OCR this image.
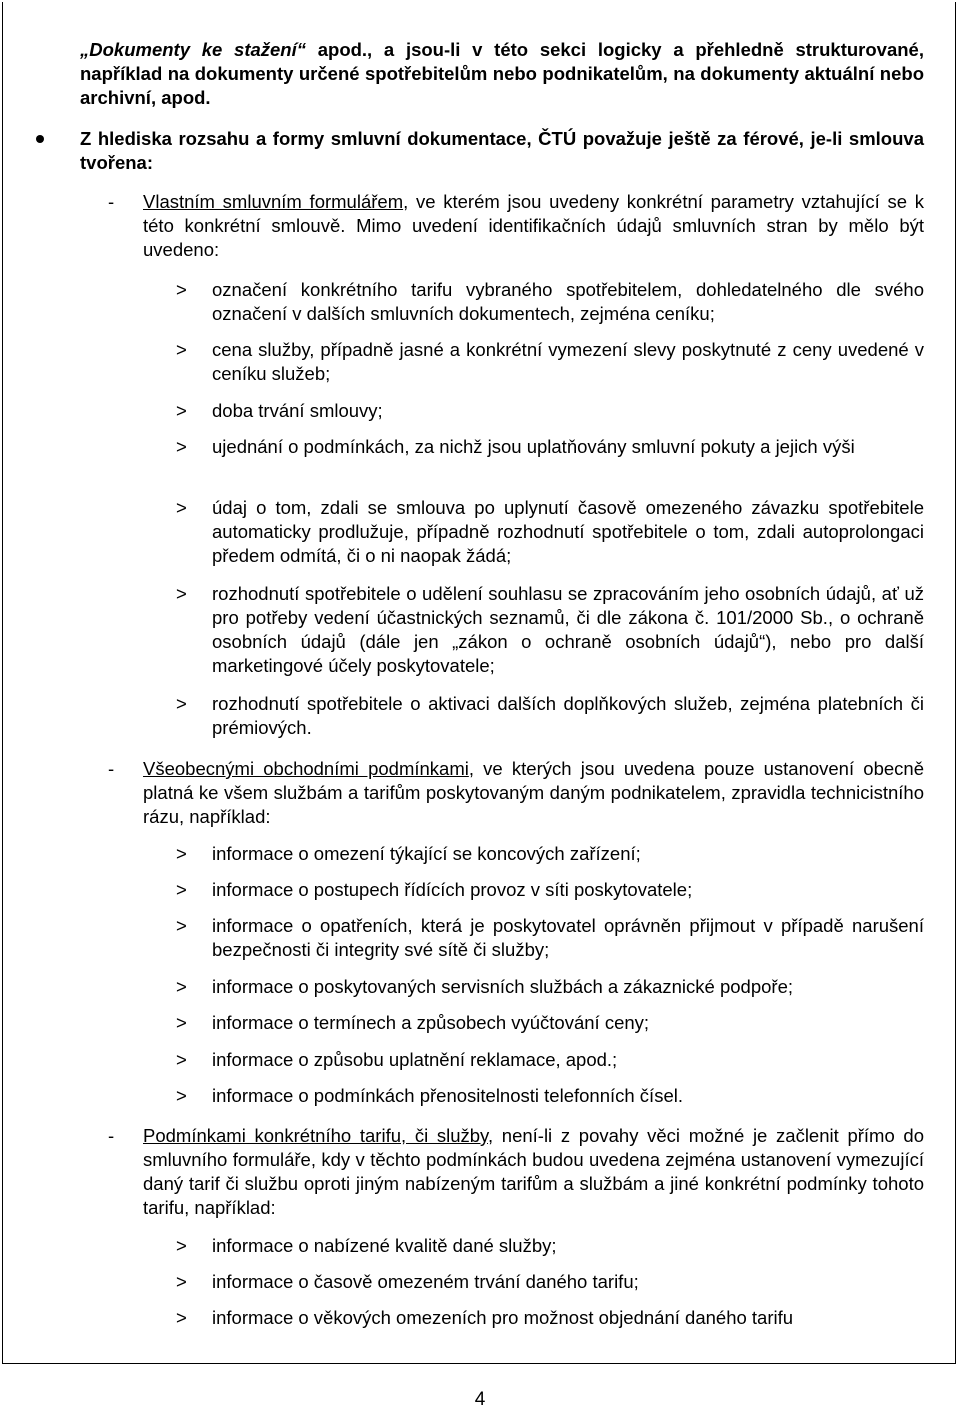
„Dokumenty ke stažení“ apod., a jsou-li v této sekci logicky a přehledně strukturované, například na dokumenty určené spotřebitelům nebo podnikatelům, na dokumenty aktuální nebo archivní, apod.
Z hlediska rozsahu a formy smluvní dokumentace, ČTÚ považuje ještě za férové, je-li smlouva tvořena:
- Vlastním smluvním formulářem, ve kterém jsou uvedeny konkrétní parametry vztahující se k této konkrétní smlouvě. Mimo uvedení identifikačních údajů smluvních stran by mělo být uvedeno:
>	označení konkrétního tarifu vybraného spotřebitelem, dohledatelného dle svého označení v dalších smluvních dokumentech, zejména ceníku;
>	cena služby, případně jasné a konkrétní vymezení slevy poskytnuté z ceny uvedené v ceníku služeb;
>	doba trvání smlouvy;
>	ujednání o podmínkách, za nichž jsou uplatňovány smluvní pokuty a jejich výši
>	údaj o tom, zdali se smlouva po uplynutí časově omezeného závazku spotřebitele automaticky prodlužuje, případně rozhodnutí spotřebitele o tom, zdali autoprolongaci předem odmítá, či o ni naopak žádá;
>	rozhodnutí spotřebitele o udělení souhlasu se zpracováním jeho osobních údajů, ať už pro potřeby vedení účastnických seznamů, či dle zákona č. 101/2000 Sb., o ochraně osobních údajů (dále jen „zákon o ochraně osobních údajů“), nebo pro další marketingové účely poskytovatele;
>	rozhodnutí spotřebitele o aktivaci dalších doplňkových služeb, zejména platebních či prémiových.
- Všeobecnými obchodními podmínkami, ve kterých jsou uvedena pouze ustanovení obecně platná ke všem službám a tarifům poskytovaným daným podnikatelem, zpravidla technicistního rázu, například:
>	informace o omezení týkající se koncových zařízení;
>	informace o postupech řídících provoz v síti poskytovatele;
>	informace o opatřeních, která je poskytovatel oprávněn přijmout v případě narušení bezpečnosti či integrity své sítě či služby;
>	informace o poskytovaných servisních službách a zákaznické podpoře;
>	informace o termínech a způsobech vyúčtování ceny;
>	informace o způsobu uplatnění reklamace, apod.;
>	informace o podmínkách přenositelnosti telefonních čísel.
- Podmínkami konkrétního tarifu, či služby, není-li z povahy věci možné je začlenit přímo do smluvního formuláře, kdy v těchto podmínkách budou uvedena zejména ustanovení vymezující daný tarif či službu oproti jiným nabízeným tarifům a službám a jiné konkrétní podmínky tohoto tarifu, například:
>	informace o nabízené kvalitě dané služby;
>	informace o časově omezeném trvání daného tarifu;
>	informace o věkových omezeních pro možnost objednání daného tarifu
4
